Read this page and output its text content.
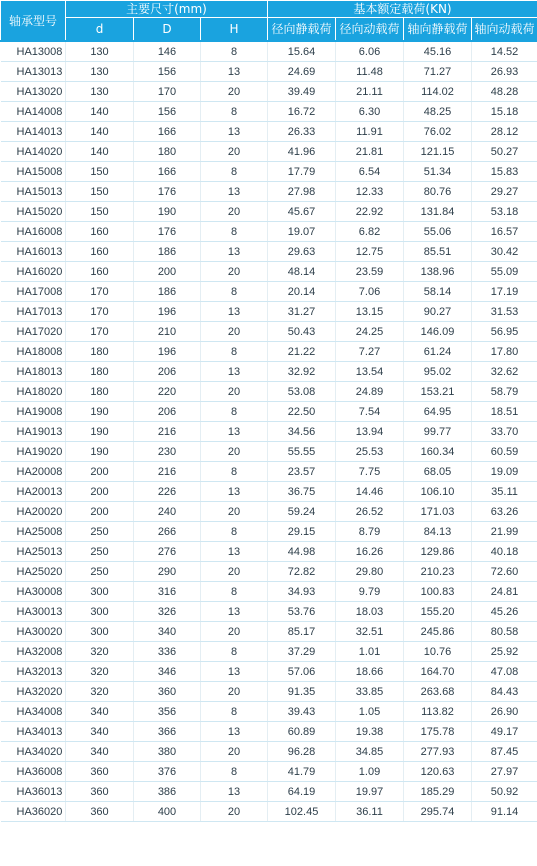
轴承型号	主要尺寸(mm)			基本额定载荷(KN)			
	d	D	H	径向静载荷	径向动载荷	轴向静载荷	轴向动载荷
HA13008	130	146	8	15.64	6.06	45.16	14.52
HA13013	130	156	13	24.69	11.48	71.27	26.93
HA13020	130	170	20	39.49	21.11	114.02	48.28
HA14008	140	156	8	16.72	6.30	48.25	15.18
HA14013	140	166	13	26.33	11.91	76.02	28.12
HA14020	140	180	20	41.96	21.81	121.15	50.27
HA15008	150	166	8	17.79	6.54	51.34	15.83
HA15013	150	176	13	27.98	12.33	80.76	29.27
HA15020	150	190	20	45.67	22.92	131.84	53.18
HA16008	160	176	8	19.07	6.82	55.06	16.57
HA16013	160	186	13	29.63	12.75	85.51	30.42
HA16020	160	200	20	48.14	23.59	138.96	55.09
HA17008	170	186	8	20.14	7.06	58.14	17.19
HA17013	170	196	13	31.27	13.15	90.27	31.53
HA17020	170	210	20	50.43	24.25	146.09	56.95
HA18008	180	196	8	21.22	7.27	61.24	17.80
HA18013	180	206	13	32.92	13.54	95.02	32.62
HA18020	180	220	20	53.08	24.89	153.21	58.79
HA19008	190	206	8	22.50	7.54	64.95	18.51
HA19013	190	216	13	34.56	13.94	99.77	33.70
HA19020	190	230	20	55.55	25.53	160.34	60.59
HA20008	200	216	8	23.57	7.75	68.05	19.09
HA20013	200	226	13	36.75	14.46	106.10	35.11
HA20020	200	240	20	59.24	26.52	171.03	63.26
HA25008	250	266	8	29.15	8.79	84.13	21.99
HA25013	250	276	13	44.98	16.26	129.86	40.18
HA25020	250	290	20	72.82	29.80	210.23	72.60
HA30008	300	316	8	34.93	9.79	100.83	24.81
HA30013	300	326	13	53.76	18.03	155.20	45.26
HA30020	300	340	20	85.17	32.51	245.86	80.58
HA32008	320	336	8	37.29	1.01	10.76	25.92
HA32013	320	346	13	57.06	18.66	164.70	47.08
HA32020	320	360	20	91.35	33.85	263.68	84.43
HA34008	340	356	8	39.43	1.05	113.82	26.90
HA34013	340	366	13	60.89	19.38	175.78	49.17
HA34020	340	380	20	96.28	34.85	277.93	87.45
HA36008	360	376	8	41.79	1.09	120.63	27.97
HA36013	360	386	13	64.19	19.97	185.29	50.92
HA36020	360	400	20	102.45	36.11	295.74	91.14
